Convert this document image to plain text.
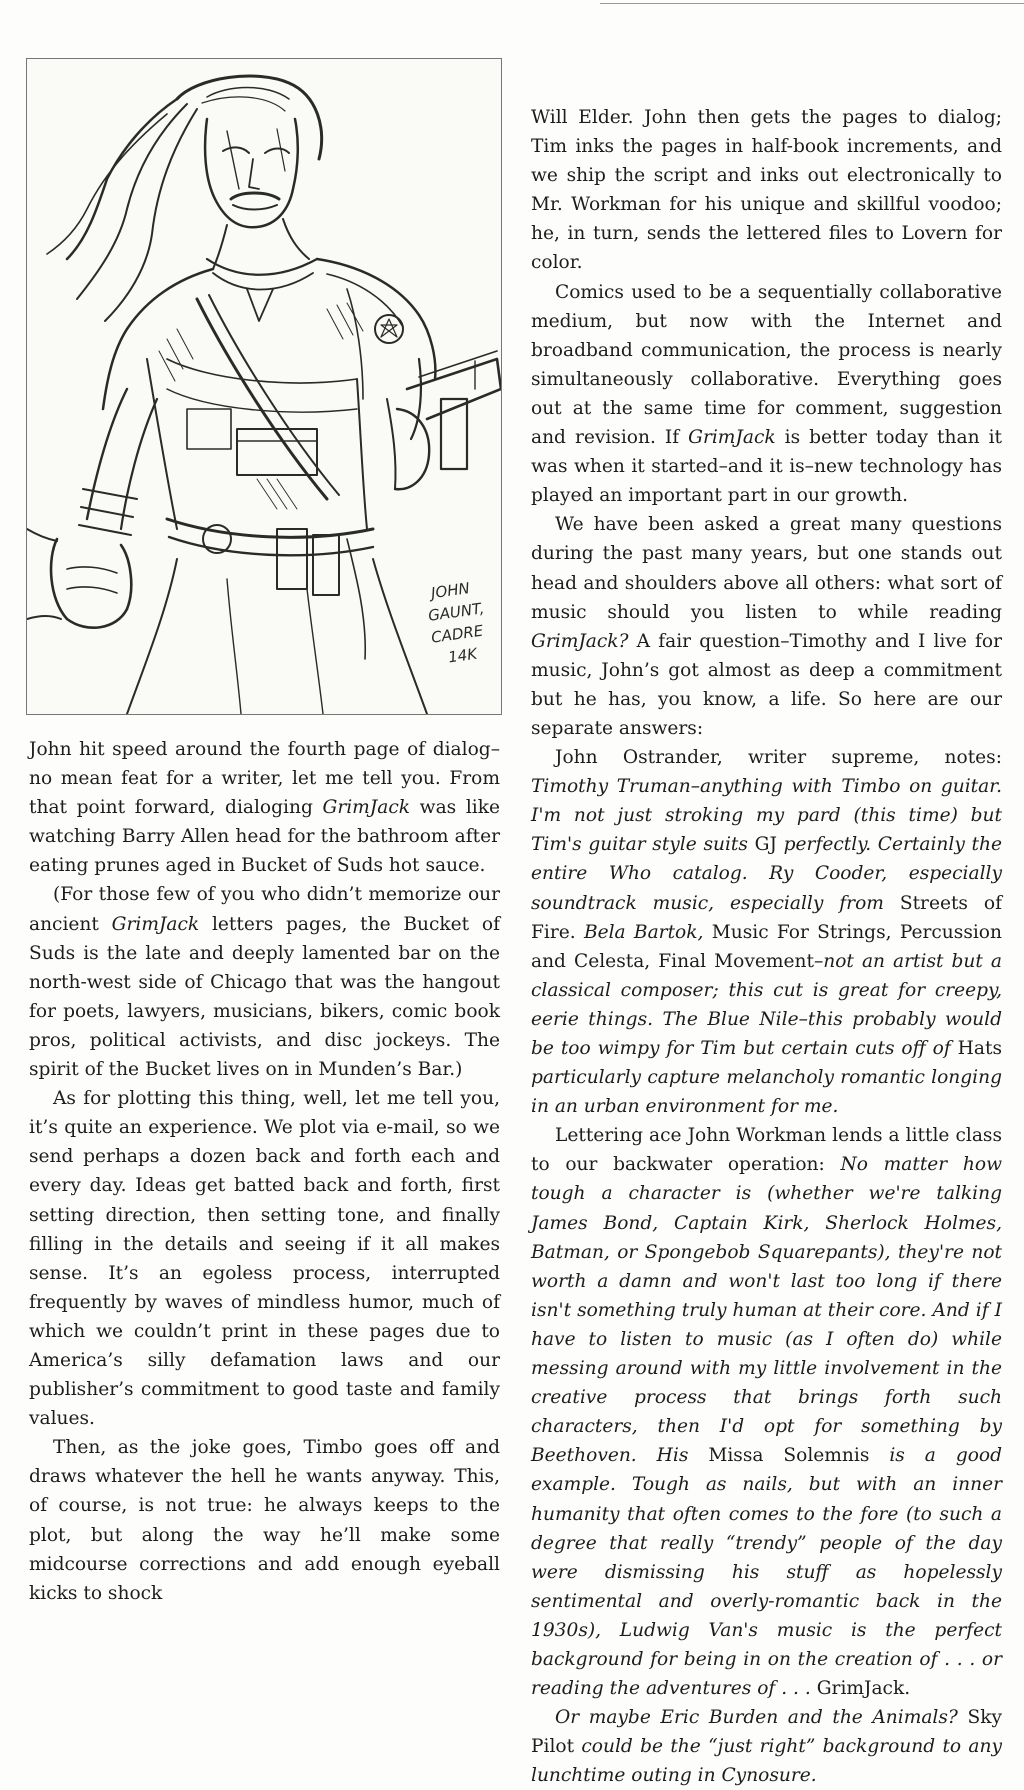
JOHN
GAUNT,
CADRE
14K

John hit speed around the fourth page of dialog–no mean feat for a writer, let me tell you. From that point forward, dialoging GrimJack was like watching Barry Allen head for the bathroom after eating prunes aged in Bucket of Suds hot sauce.

(For those few of you who didn’t memorize our ancient GrimJack letters pages, the Bucket of Suds is the late and deeply lamented bar on the north-west side of Chicago that was the hangout for poets, lawyers, musicians, bikers, comic book pros, political activists, and disc jockeys. The spirit of the Bucket lives on in Munden’s Bar.)

As for plotting this thing, well, let me tell you, it’s quite an experience. We plot via e-mail, so we send perhaps a dozen back and forth each and every day. Ideas get batted back and forth, first setting direction, then setting tone, and finally filling in the details and seeing if it all makes sense. It’s an egoless process, interrupted frequently by waves of mindless humor, much of which we couldn’t print in these pages due to America’s silly defamation laws and our publisher’s commitment to good taste and family values.

Then, as the joke goes, Timbo goes off and draws whatever the hell he wants anyway. This, of course, is not true: he always keeps to the plot, but along the way he’ll make some midcourse corrections and add enough eyeball kicks to shock

Will Elder. John then gets the pages to dialog; Tim inks the pages in half-book increments, and we ship the script and inks out electronically to Mr. Workman for his unique and skillful voodoo; he, in turn, sends the lettered files to Lovern for color.

Comics used to be a sequentially collaborative medium, but now with the Internet and broadband communication, the process is nearly simultaneously collaborative. Everything goes out at the same time for comment, suggestion and revision. If GrimJack is better today than it was when it started–and it is–new technology has played an important part in our growth.

We have been asked a great many questions during the past many years, but one stands out head and shoulders above all others: what sort of music should you listen to while reading GrimJack? A fair question–Timothy and I live for music, John’s got almost as deep a commitment but he has, you know, a life. So here are our separate answers:

John Ostrander, writer supreme, notes: Timothy Truman–anything with Timbo on guitar. I'm not just stroking my pard (this time) but Tim's guitar style suits GJ perfectly. Certainly the entire Who catalog. Ry Cooder, especially soundtrack music, especially from Streets of Fire. Bela Bartok, Music For Strings, Percussion and Celesta, Final Movement–not an artist but a classical composer; this cut is great for creepy, eerie things. The Blue Nile–this probably would be too wimpy for Tim but certain cuts off of Hats particularly capture melancholy romantic longing in an urban environment for me.

Lettering ace John Workman lends a little class to our backwater operation: No matter how tough a character is (whether we're talking James Bond, Captain Kirk, Sherlock Holmes, Batman, or Spongebob Squarepants), they're not worth a damn and won't last too long if there isn't something truly human at their core. And if I have to listen to music (as I often do) while messing around with my little involvement in the creative process that brings forth such characters, then I'd opt for something by Beethoven. His Missa Solemnis is a good example. Tough as nails, but with an inner humanity that often comes to the fore (to such a degree that really “trendy” people of the day were dismissing his stuff as hopelessly sentimental and overly-romantic back in the 1930s), Ludwig Van's music is the perfect background for being in on the creation of . . . or reading the adventures of . . . GrimJack.

Or maybe Eric Burden and the Animals? Sky Pilot could be the “just right” background to any lunchtime outing in Cynosure.
